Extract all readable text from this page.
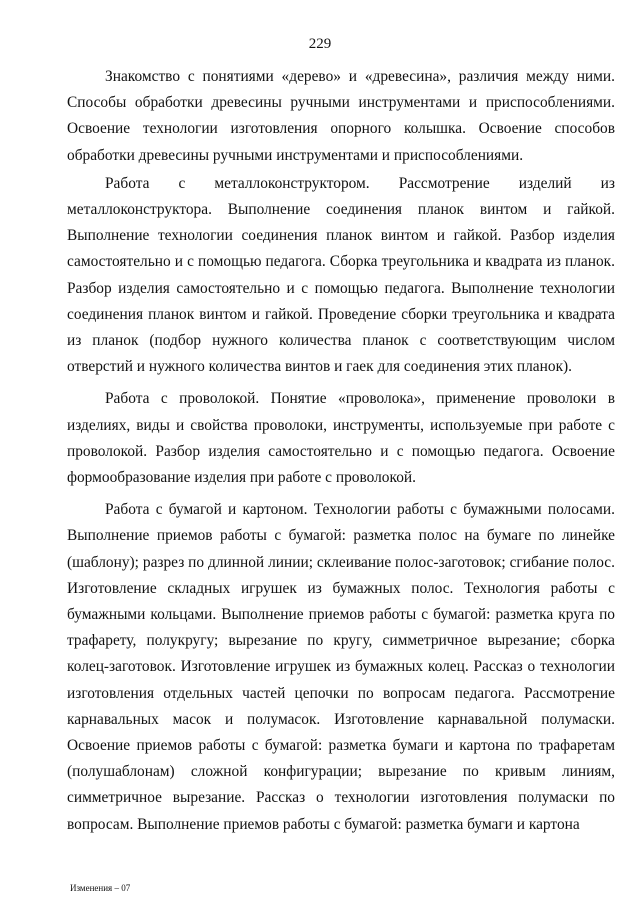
229

Знакомство с понятиями «дерево» и «древесина», различия между ними. Способы обработки древесины ручными инструментами и приспособлениями. Освоение технологии изготовления опорного колышка. Освоение способов обработки древесины ручными инструментами и приспособлениями.

Работа с металлоконструктором. Рассмотрение изделий из металлоконструктора. Выполнение соединения планок винтом и гайкой. Выполнение технологии соединения планок винтом и гайкой. Разбор изделия самостоятельно и с помощью педагога. Сборка треугольника и квадрата из планок. Разбор изделия самостоятельно и с помощью педагога. Выполнение технологии соединения планок винтом и гайкой. Проведение сборки треугольника и квадрата из планок (подбор нужного количества планок с соответствующим числом отверстий и нужного количества винтов и гаек для соединения этих планок).

Работа с проволокой. Понятие «проволока», применение проволоки в изделиях, виды и свойства проволоки, инструменты, используемые при работе с проволокой. Разбор изделия самостоятельно и с помощью педагога. Освоение формообразование изделия при работе с проволокой.

Работа с бумагой и картоном. Технологии работы с бумажными полосами. Выполнение приемов работы с бумагой: разметка полос на бумаге по линейке (шаблону); разрез по длинной линии; склеивание полос-заготовок; сгибание полос. Изготовление складных игрушек из бумажных полос. Технология работы с бумажными кольцами. Выполнение приемов работы с бумагой: разметка круга по трафарету, полукругу; вырезание по кругу, симметричное вырезание; сборка колец-заготовок. Изготовление игрушек из бумажных колец. Рассказ о технологии изготовления отдельных частей цепочки по вопросам педагога. Рассмотрение карнавальных масок и полумасок. Изготовление карнавальной полумаски. Освоение приемов работы с бумагой: разметка бумаги и картона по трафаретам (полушаблонам) сложной конфигурации; вырезание по кривым линиям, симметричное вырезание. Рассказ о технологии изготовления полумаски по вопросам. Выполнение приемов работы с бумагой: разметка бумаги и картона

Изменения – 07
